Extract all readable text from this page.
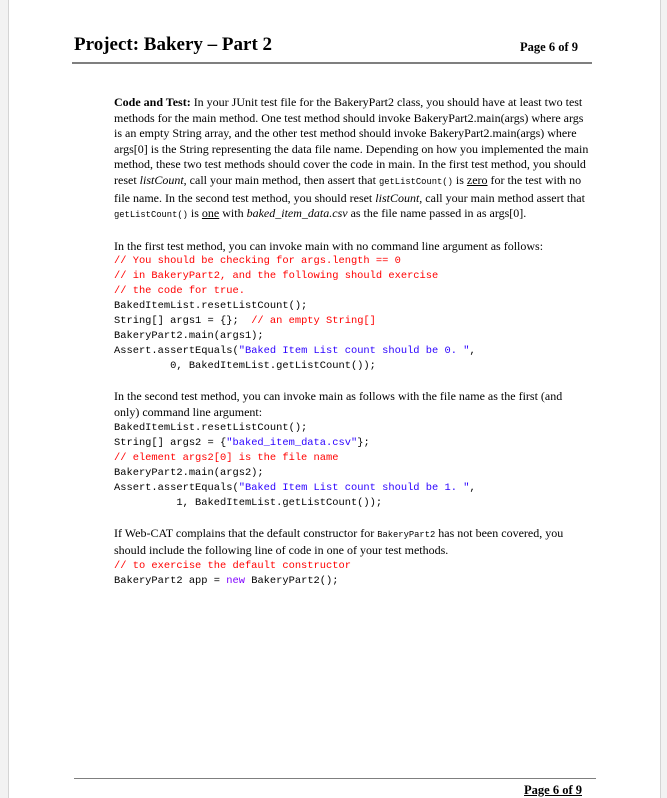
Project: Bakery – Part 2	Page 6 of 9

Code and Test: In your JUnit test file for the BakeryPart2 class, you should have at least two test methods for the main method. One test method should invoke BakeryPart2.main(args) where args is an empty String array, and the other test method should invoke BakeryPart2.main(args) where args[0] is the String representing the data file name. Depending on how you implemented the main method, these two test methods should cover the code in main. In the first test method, you should reset listCount, call your main method, then assert that getListCount() is zero for the test with no file name. In the second test method, you should reset listCount, call your main method assert that getListCount() is one with baked_item_data.csv as the file name passed in as args[0].

In the first test method, you can invoke main with no command line argument as follows:

// You should be checking for args.length == 0
// in BakeryPart2, and the following should exercise
// the code for true.
BakedItemList.resetListCount();
String[] args1 = {};  // an empty String[]
BakeryPart2.main(args1);
Assert.assertEquals("Baked Item List count should be 0. ",
0, BakedItemList.getListCount());

In the second test method, you can invoke main as follows with the file name as the first (and only) command line argument:

BakedItemList.resetListCount();
String[] args2 = {"baked_item_data.csv"};
// element args2[0] is the file name
BakeryPart2.main(args2);
Assert.assertEquals("Baked Item List count should be 1. ",
1, BakedItemList.getListCount());

If Web-CAT complains that the default constructor for BakeryPart2 has not been covered, you should include the following line of code in one of your test methods.

// to exercise the default constructor
BakeryPart2 app = new BakeryPart2();
Page 6 of 9
